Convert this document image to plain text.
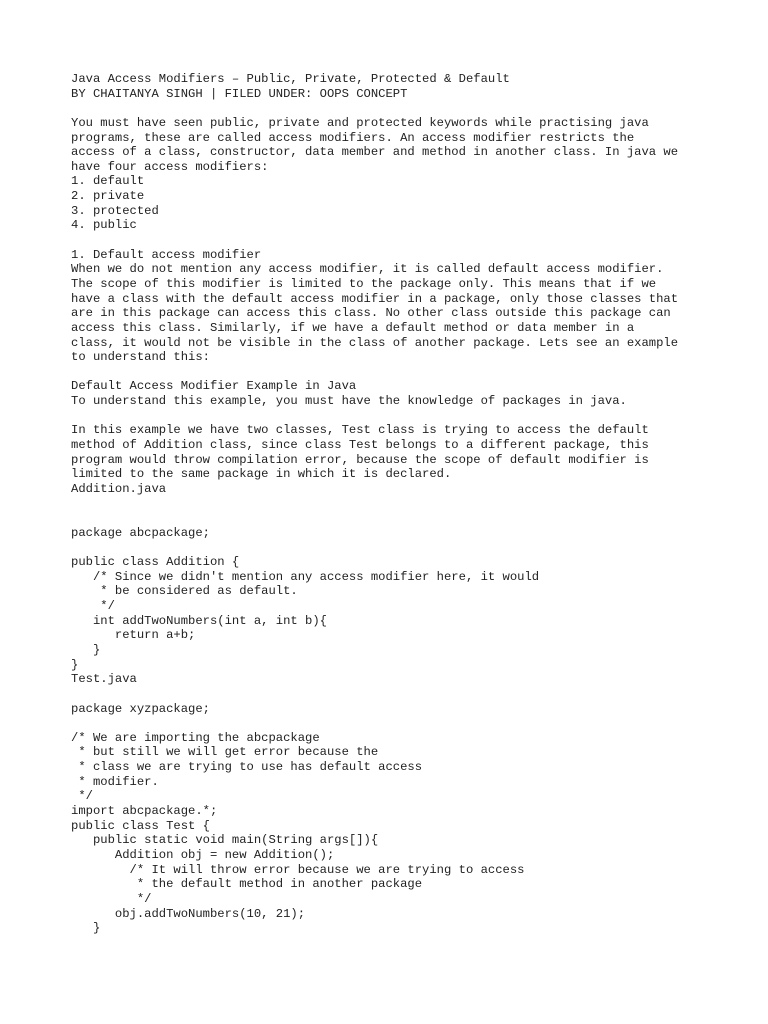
Java Access Modifiers – Public, Private, Protected & Default
BY CHAITANYA SINGH | FILED UNDER: OOPS CONCEPT
You must have seen public, private and protected keywords while practising java
programs, these are called access modifiers. An access modifier restricts the
access of a class, constructor, data member and method in another class. In java we
have four access modifiers:
1. default
2. private
3. protected
4. public
1. Default access modifier
When we do not mention any access modifier, it is called default access modifier.
The scope of this modifier is limited to the package only. This means that if we
have a class with the default access modifier in a package, only those classes that
are in this package can access this class. No other class outside this package can
access this class. Similarly, if we have a default method or data member in a
class, it would not be visible in the class of another package. Lets see an example
to understand this:
Default Access Modifier Example in Java
To understand this example, you must have the knowledge of packages in java.
In this example we have two classes, Test class is trying to access the default
method of Addition class, since class Test belongs to a different package, this
program would throw compilation error, because the scope of default modifier is
limited to the same package in which it is declared.
Addition.java
package abcpackage;
public class Addition {
/* Since we didn't mention any access modifier here, it would
* be considered as default.
*/
int addTwoNumbers(int a, int b){
return a+b;
}
}
Test.java
package xyzpackage;
/* We are importing the abcpackage
* but still we will get error because the
* class we are trying to use has default access
* modifier.
*/
import abcpackage.*;
public class Test {
public static void main(String args[]){
Addition obj = new Addition();
/* It will throw error because we are trying to access
* the default method in another package
*/
obj.addTwoNumbers(10, 21);
}
